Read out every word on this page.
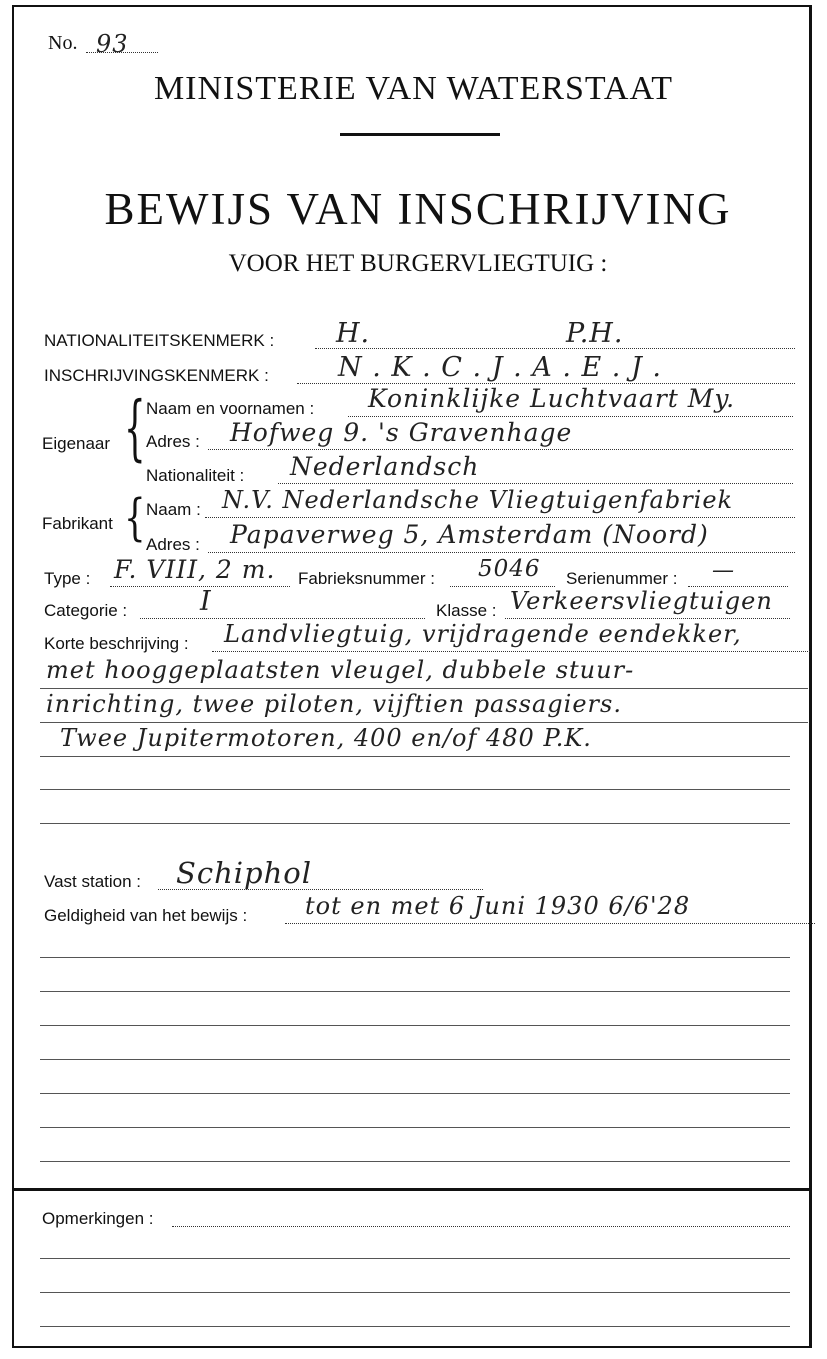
No. 93
MINISTERIE VAN WATERSTAAT
BEWIJS VAN INSCHRIJVING
VOOR HET BURGERVLIEGTUIG :
NATIONALITEITSKENMERK : H.	P.H.
INSCHRIJVINGSKENMERK :	N . K . C . J . A . E . J .
Eigenaar { Naam en voornamen : Koninklijke Luchtvaart My.
Adres : Hofweg 9. 's Gravenhage
Nationaliteit : Nederlandsch
Fabrikant { Naam : N.V. Nederlandsche Vliegtuigenfabriek
Adres : Papaverweg 5, Amsterdam (Noord)
Type : F. VIII, 2 m. Fabrieksnummer : 5046 Serienummer : —
Categorie :	I	Klasse : Verkeersvliegtuigen
Korte beschrijving : Landvliegtuig, vrijdragende eendekker,
met hooggeplaatsten vleugel, dubbele stuur-
inrichting, twee piloten, vijftien passagiers.
Twee Jupitermotoren, 400 en/of 480 P.K.
Vast station : Schiphol
Geldigheid van het bewijs : tot en met 6 Juni 1930 6/6'28
Opmerkingen :
